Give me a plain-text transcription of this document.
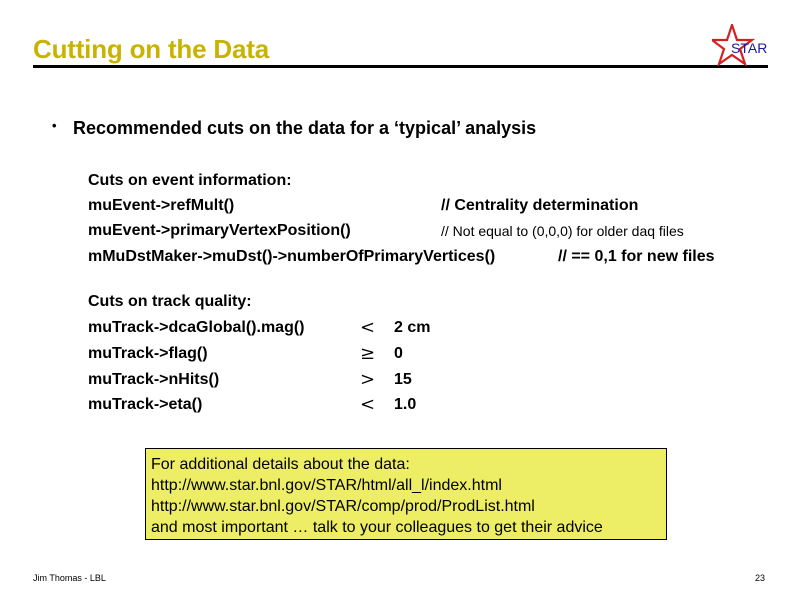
Cutting on the Data	STAR
• Recommended cuts on the data for a ‘typical’ analysis
Cuts on event information:
muEvent->refMult()	// Centrality determination
muEvent->primaryVertexPosition()	// Not equal to (0,0,0) for older daq files
mMuDstMaker->muDst()->numberOfPrimaryVertices()	// == 0,1 for new files
Cuts on track quality:
muTrack->dcaGlobal().mag()	< 2 cm
muTrack->flag()	≥ 0
muTrack->nHits()	> 15
muTrack->eta()	< 1.0
For additional details about the data:
http://www.star.bnl.gov/STAR/html/all_l/index.html
http://www.star.bnl.gov/STAR/comp/prod/ProdList.html
and most important … talk to your colleagues to get their advice
Jim Thomas - LBL	23
